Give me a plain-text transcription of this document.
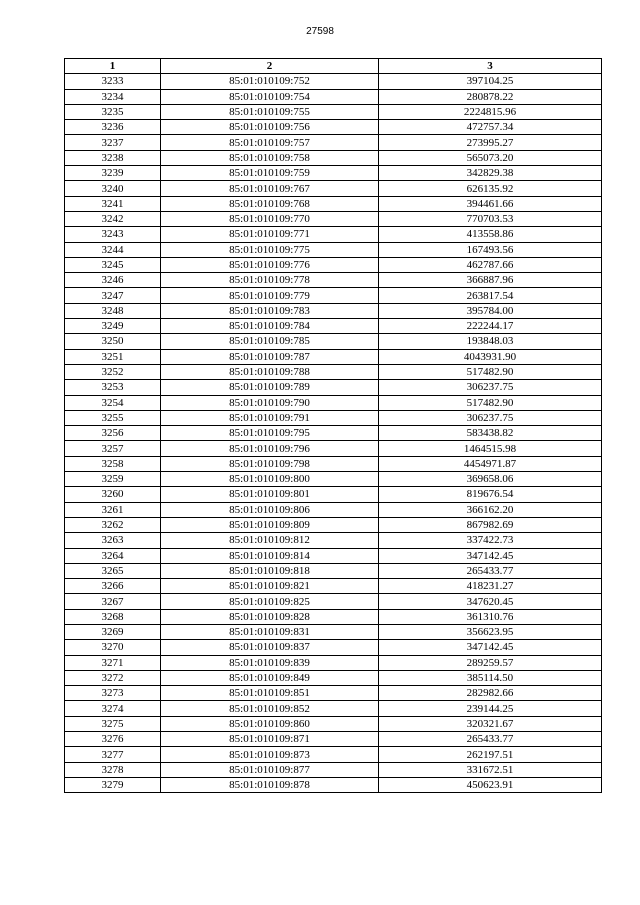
27598
1	2	3
3233	85:01:010109:752	397104.25
3234	85:01:010109:754	280878.22
3235	85:01:010109:755	2224815.96
3236	85:01:010109:756	472757.34
3237	85:01:010109:757	273995.27
3238	85:01:010109:758	565073.20
3239	85:01:010109:759	342829.38
3240	85:01:010109:767	626135.92
3241	85:01:010109:768	394461.66
3242	85:01:010109:770	770703.53
3243	85:01:010109:771	413558.86
3244	85:01:010109:775	167493.56
3245	85:01:010109:776	462787.66
3246	85:01:010109:778	366887.96
3247	85:01:010109:779	263817.54
3248	85:01:010109:783	395784.00
3249	85:01:010109:784	222244.17
3250	85:01:010109:785	193848.03
3251	85:01:010109:787	4043931.90
3252	85:01:010109:788	517482.90
3253	85:01:010109:789	306237.75
3254	85:01:010109:790	517482.90
3255	85:01:010109:791	306237.75
3256	85:01:010109:795	583438.82
3257	85:01:010109:796	1464515.98
3258	85:01:010109:798	4454971.87
3259	85:01:010109:800	369658.06
3260	85:01:010109:801	819676.54
3261	85:01:010109:806	366162.20
3262	85:01:010109:809	867982.69
3263	85:01:010109:812	337422.73
3264	85:01:010109:814	347142.45
3265	85:01:010109:818	265433.77
3266	85:01:010109:821	418231.27
3267	85:01:010109:825	347620.45
3268	85:01:010109:828	361310.76
3269	85:01:010109:831	356623.95
3270	85:01:010109:837	347142.45
3271	85:01:010109:839	289259.57
3272	85:01:010109:849	385114.50
3273	85:01:010109:851	282982.66
3274	85:01:010109:852	239144.25
3275	85:01:010109:860	320321.67
3276	85:01:010109:871	265433.77
3277	85:01:010109:873	262197.51
3278	85:01:010109:877	331672.51
3279	85:01:010109:878	450623.91
